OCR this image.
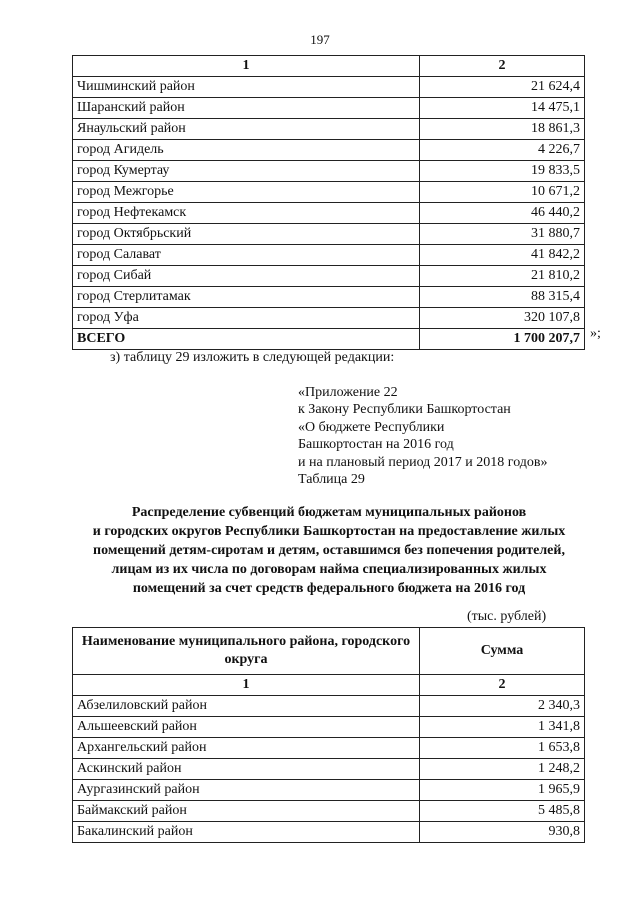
197
1	2
Чишминский район	21 624,4
Шаранский район	14 475,1
Янаульский район	18 861,3
город Агидель	4 226,7
город Кумертау	19 833,5
город Межгорье	10 671,2
город Нефтекамск	46 440,2
город Октябрьский	31 880,7
город Салават	41 842,2
город Сибай	21 810,2
город Стерлитамак	88 315,4
город Уфа	320 107,8
ВСЕГО	1 700 207,7 »;
з) таблицу 29 изложить в следующей редакции:
«Приложение 22
к Закону Республики Башкортостан
«О бюджете Республики
Башкортостан на 2016 год
и на плановый период 2017 и 2018 годов»
Таблица 29
Распределение субвенций бюджетам муниципальных районов
и городских округов Республики Башкортостан на предоставление жилых
помещений детям-сиротам и детям, оставшимся без попечения родителей,
лицам из их числа по договорам найма специализированных жилых
помещений за счет средств федерального бюджета на 2016 год
(тыс. рублей)
Наименование муниципального района, городского округа	Сумма
1	2
Абзелиловский район	2 340,3
Альшеевский район	1 341,8
Архангельский район	1 653,8
Аскинский район	1 248,2
Аургазинский район	1 965,9
Баймакский район	5 485,8
Бакалинский район	930,8
